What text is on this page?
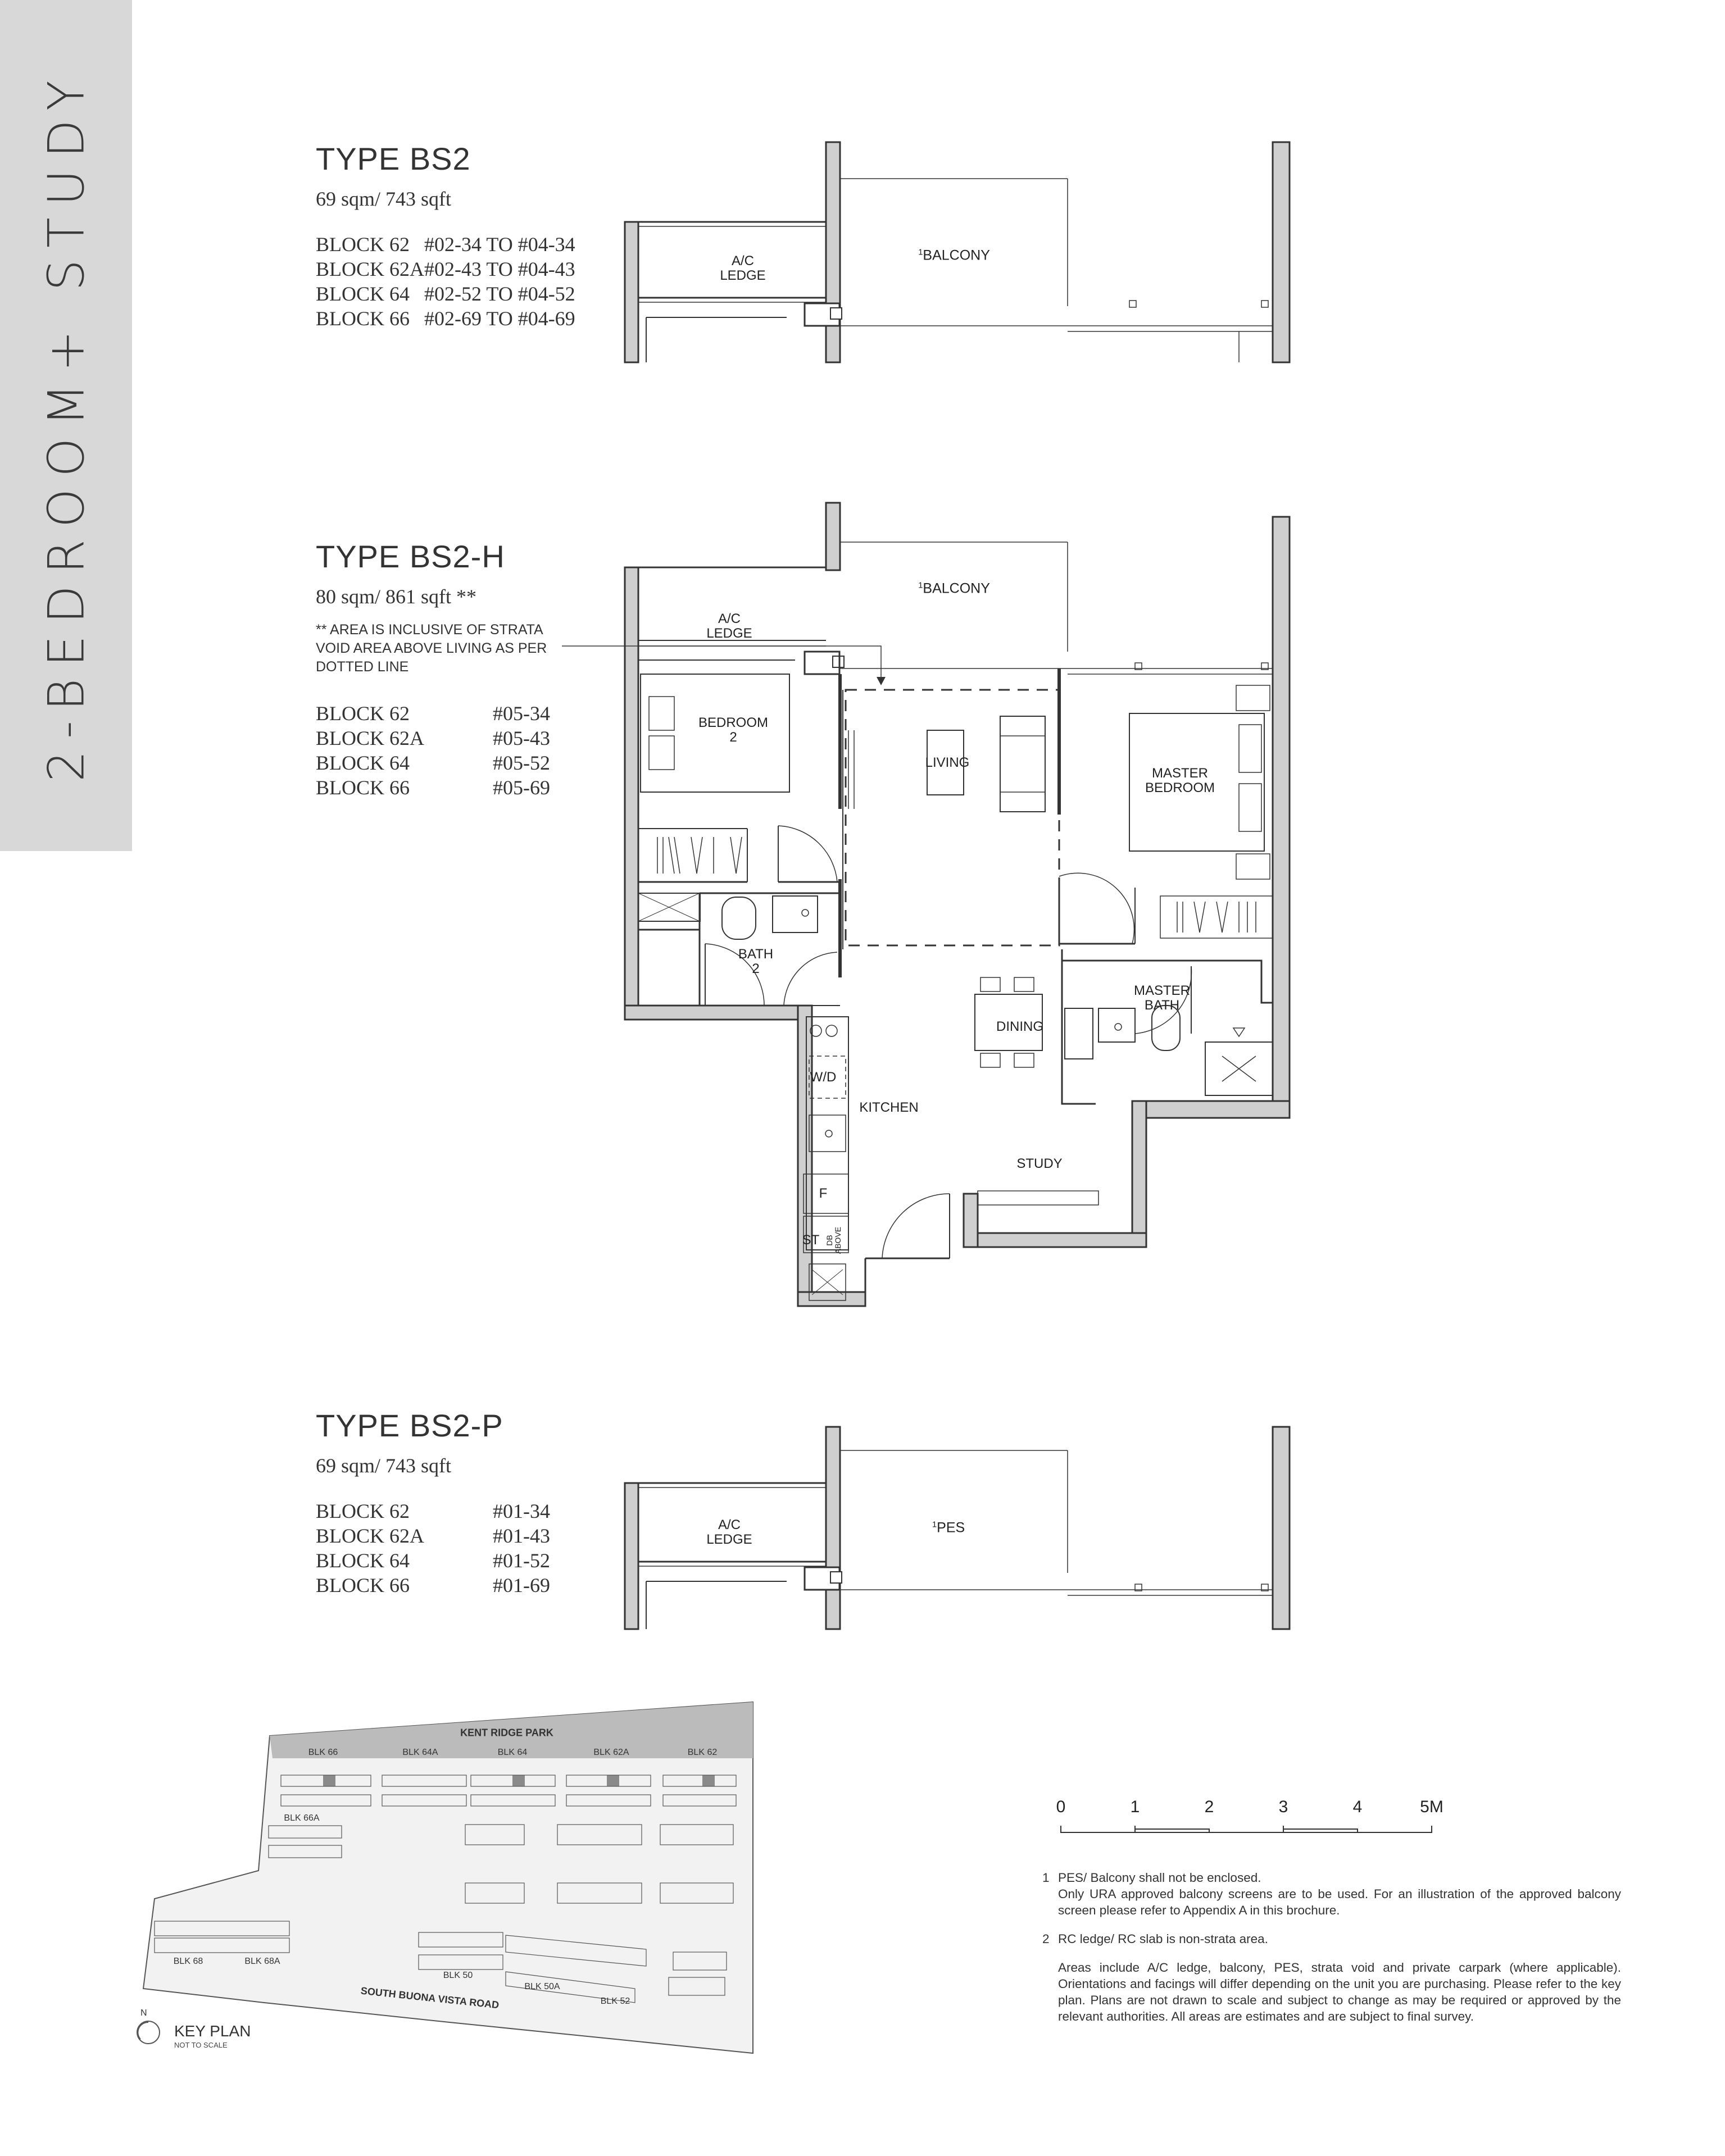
2-BEDROOM+ STUDY	TYPE BS2
69 sqm/ 743 sqft
BLOCK 62	#02-34 TO #04-34
BLOCK 62A	#02-43 TO #04-43
BLOCK 64	#02-52 TO #04-52
BLOCK 66	#02-69 TO #04-69
TYPE BS2-H
80 sqm/ 861 sqft **
** AREA IS INCLUSIVE OF STRATA VOID AREA ABOVE LIVING AS PER DOTTED LINE
BLOCK 62	#05-34
BLOCK 62A	#05-43
BLOCK 64	#05-52
BLOCK 66	#05-69
TYPE BS2-P
69 sqm/ 743 sqft
BLOCK 62	#01-34
BLOCK 62A	#01-43
BLOCK 64	#01-52
BLOCK 66	#01-69
A/C
LEDGE
$^1$BALCONY
A/C
LEDGE
$^1$BALCONY
BEDROOM
2
LIVING
MASTER
BEDROOM
BATH
2
MASTER
BATH
DINING
KITCHEN
STUDY
W/D
F
ST DB
ABOVE
A/C
LEDGE
$^1$PES
0	1	2	3	4	5M
1 PES/ Balcony shall not be enclosed.
Only URA approved balcony screens are to be used. For an illustration of the approved balcony screen please refer to Appendix A in this brochure.
2 RC ledge/ RC slab is non-strata area.
Areas include A/C ledge, balcony, PES, strata void and private carpark (where applicable). Orientations and facings will differ depending on the unit you are purchasing. Please refer to the key plan. Plans are not drawn to scale and subject to change as may be required or approved by the relevant authorities. All areas are estimates and are subject to final survey.
KENT RIDGE PARK
BLK 66	BLK 64A	BLK 64	BLK 62A	BLK 62
BLK 66A
BLK 68	BLK 68A
BLK 50
BLK 50A
BLK 52
SOUTH BUONA VISTA ROAD
N
KEY PLAN
NOT TO SCALE
